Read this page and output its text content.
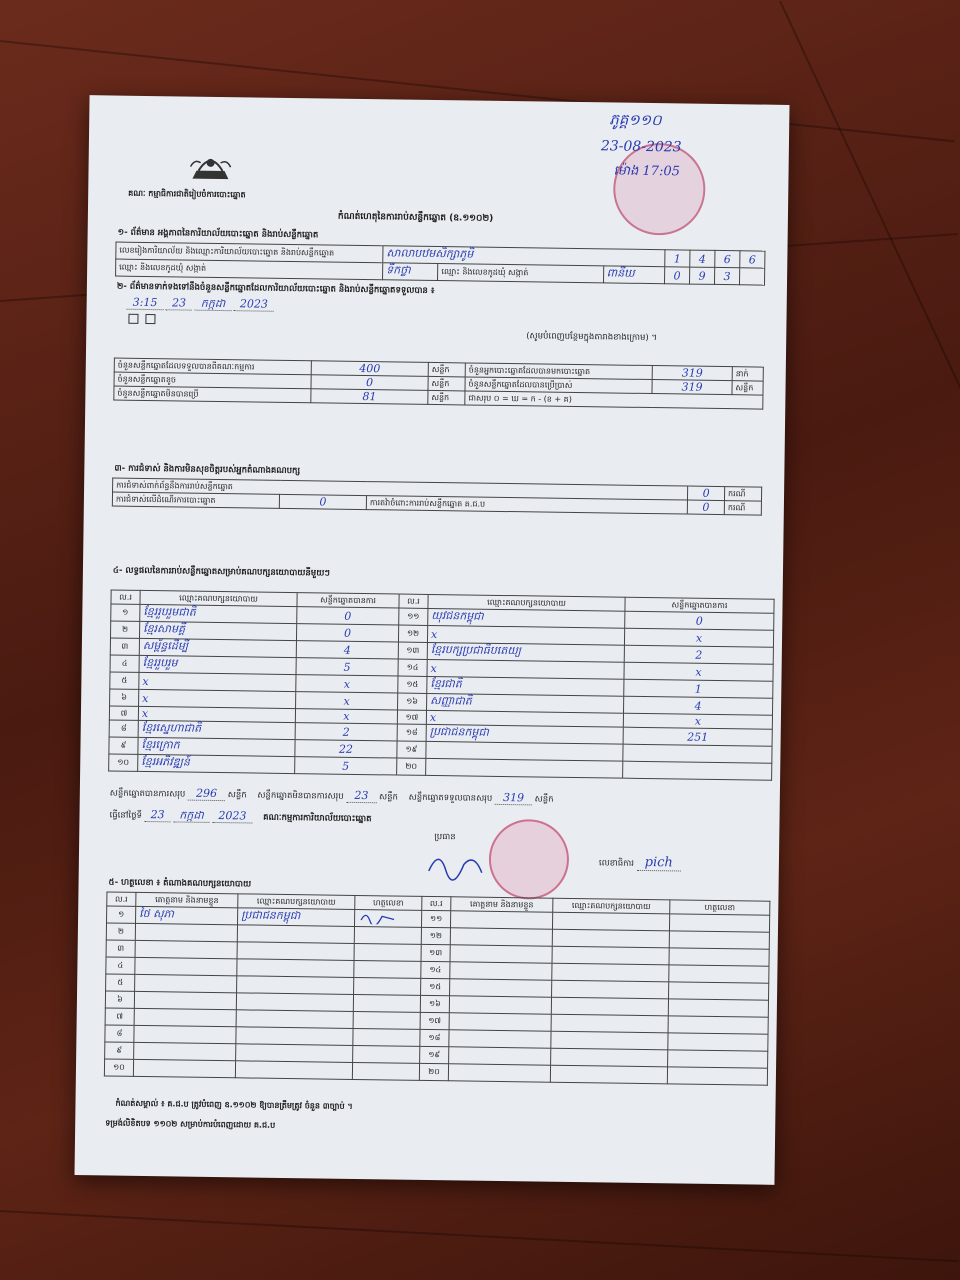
គណៈ កម្មាធិការជាតិរៀបចំការបោះឆ្នោត
កំណត់ហេតុនៃការរាប់សន្លឹកឆ្នោត (ឧ.១១០២)
ភូគ្គ១១០
23-08-2023
ម៉ោង 17:05
១- ព័ត៌មាន អង្គភាពនៃការិយាល័យបោះឆ្នោត និងរាប់សន្លឹកឆ្នោត
លេខរៀងការិយាល័យ និងឈ្មោះការិយាល័យបោះឆ្នោត និងរាប់សន្លឹកឆ្នោត	សាលាបឋមសិក្សាភូមិ			1	4	6	6
ឈ្មោះ និងលេខកូដឃុំ សង្កាត់	ទឹកថ្លា	ឈ្មោះ និងលេខកូដឃុំ សង្កាត់	ពានីឃ	0	9	3	
២- ព័ត៌មានទាក់ទងទៅនឹងចំនួនសន្លឹកឆ្នោតដែលការិយាល័យបោះឆ្នោត និងរាប់សន្លឹកឆ្នោតទទួលបាន ៖
3:15 23 កក្កដា 2023

(សូមបំពេញបន្ថែមក្នុងតារាងខាងក្រោម) ។
ចំនួនសន្លឹកឆ្នោតដែលទទួលបានពីគណៈកម្មការ	400	សន្លឹក	ចំនួនអ្នកបោះឆ្នោតដែលបានមកបោះឆ្នោត	319	នាក់
ចំនួនសន្លឹកឆ្នោតខូច	0	សន្លឹក	ចំនួនសន្លឹកឆ្នោតដែលបានប្រើប្រាស់	319	សន្លឹក
ចំនួនសន្លឹកឆ្នោតមិនបានប្រើ	81	សន្លឹក	ជាសរុប ០ = ឃ = ក - (ខ + គ)		
៣- ការជំទាស់ និងការមិនសុខចិត្តរបស់អ្នកតំណាងគណបក្ស
ការជំទាស់ពាក់ព័ន្ធនឹងការរាប់សន្លឹកឆ្នោត			0	ករណី
ការជំទាស់លើដំណើរការបោះឆ្នោត	0	ការតវ៉ាចំពោះការរាប់សន្លឹកឆ្នោត គ.ជ.ប	0	ករណី
៤- លទ្ធផលនៃការរាប់សន្លឹកឆ្នោតសម្រាប់គណបក្សនយោបាយនីមួយៗ
ល.រ	ឈ្មោះគណបក្សនយោបាយ	សន្លឹកឆ្នោតបានការ	ល.រ	ឈ្មោះគណបក្សនយោបាយ	សន្លឹកឆ្នោតបានការ
១	ខ្មែររួបរួមជាតិ	0	១១	យុវជនកម្ពុជា	0
២	ខ្មែរសាមគ្គី	0	១២	x	x
៣	សម្ព័ន្ធដើម្បី	4	១៣	ខ្មែរបក្សប្រជាធិបតេយ្យ	2
៤	ខ្មែររួបរួម	5	១៤	x	x
៥	x	x	១៥	ខ្មែរជាតិ	1
៦	x	x	១៦	សញ្ញាជាតិ	4
៧	x	x	១៧	x	x
៨	ខ្មែរស្នេហាជាតិ	2	១៨	ប្រជាជនកម្ពុជា	251
៩	ខ្មែរក្រោក	22	១៩		
១០	ខ្មែរអភិវឌ្ឍន៍	5	២០		
សន្លឹកឆ្នោតបានការសរុប 296 សន្លឹក សន្លឹកឆ្នោតមិនបានការសរុប 23 សន្លឹក សន្លឹកឆ្នោតទទួលបានសរុប 319 សន្លឹក
ធ្វើនៅថ្ងៃទី 23 កក្កដា 2023 គណៈកម្មការការិយាល័យបោះឆ្នោត
ប្រធាន
លេខាធិការ pich
៥- ហត្ថលេខា ៖ តំណាងគណបក្សនយោបាយ
ល.រ	គោត្តនាម និងនាមខ្លួន	ឈ្មោះគណបក្សនយោបាយ	ហត្ថលេខា	ល.រ	គោត្តនាម និងនាមខ្លួន	ឈ្មោះគណបក្សនយោបាយ	ហត្ថលេខា
១	ថៃ សុភា	ប្រជាជនកម្ពុជា		១១			
២				១២			
៣				១៣			
៤				១៤			
៥				១៥			
៦				១៦			
៧				១៧			
៨				១៨			
៩				១៩			
១០				២០			
កំណត់សម្គាល់ ៖ គ.ជ.ប ត្រូវបំពេញ ឧ.១១០២ ឱ្យបានត្រឹមត្រូវ ចំនួន ៣ច្បាប់ ។
ទម្រង់លិខិតបទ ១១០២ សម្រាប់ការបំពេញដោយ គ.ជ.ប
